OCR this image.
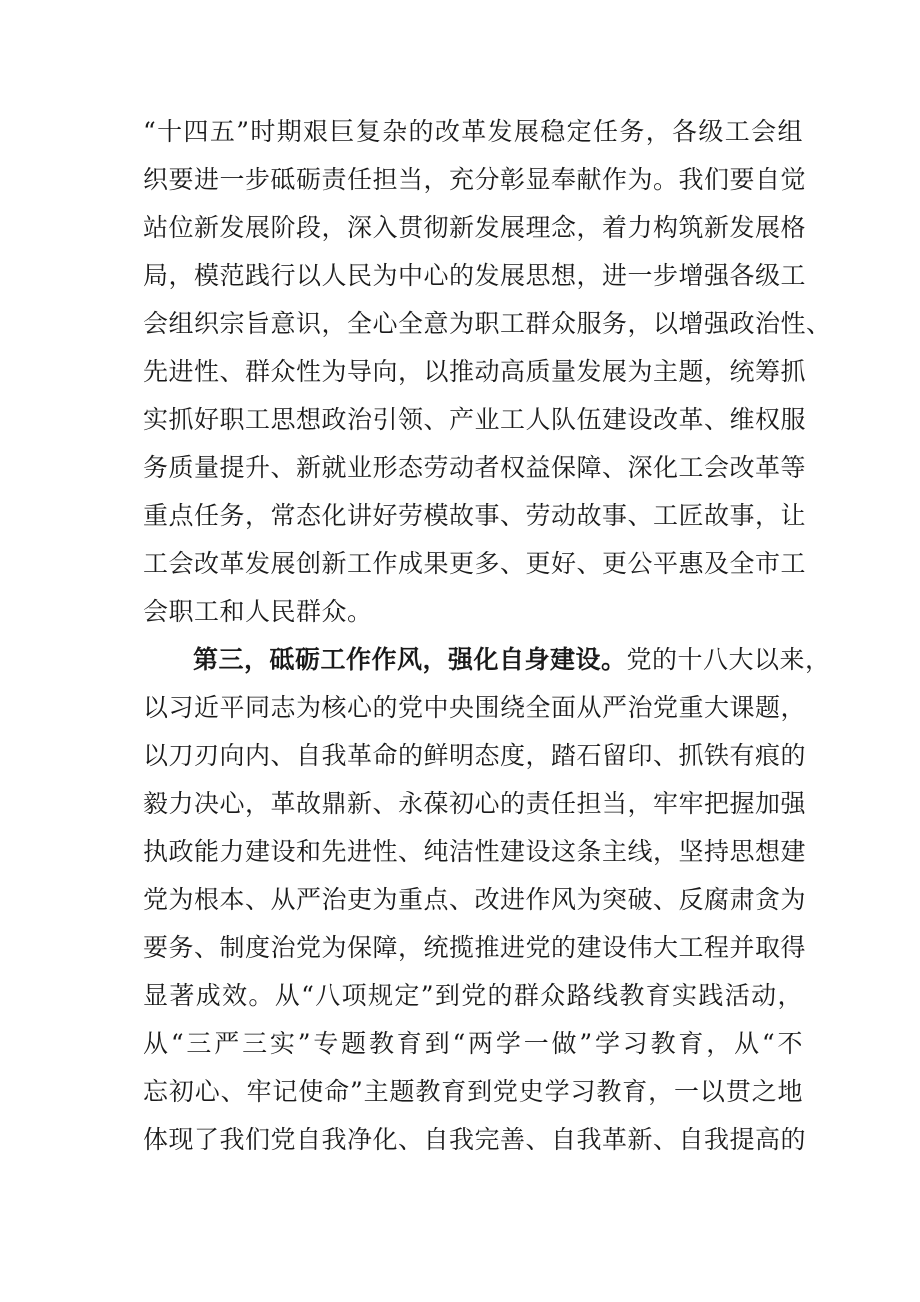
“十四五”时期艰巨复杂的改革发展稳定任务，各级工会组
织要进一步砥砺责任担当，充分彰显奉献作为。我们要自觉
站位新发展阶段，深入贯彻新发展理念，着力构筑新发展格
局，模范践行以人民为中心的发展思想，进一步增强各级工
会组织宗旨意识，全心全意为职工群众服务，以增强政治性、
先进性、群众性为导向，以推动高质量发展为主题，统筹抓
实抓好职工思想政治引领、产业工人队伍建设改革、维权服
务质量提升、新就业形态劳动者权益保障、深化工会改革等
重点任务，常态化讲好劳模故事、劳动故事、工匠故事，让
工会改革发展创新工作成果更多、更好、更公平惠及全市工
会职工和人民群众。
第三，砥砺工作作风，强化自身建设。党的十八大以来，
以习近平同志为核心的党中央围绕全面从严治党重大课题，
以刀刃向内、自我革命的鲜明态度，踏石留印、抓铁有痕的
毅力决心，革故鼎新、永葆初心的责任担当，牢牢把握加强
执政能力建设和先进性、纯洁性建设这条主线，坚持思想建
党为根本、从严治吏为重点、改进作风为突破、反腐肃贪为
要务、制度治党为保障，统揽推进党的建设伟大工程并取得
显著成效。从“八项规定”到党的群众路线教育实践活动，
从“三严三实”专题教育到“两学一做”学习教育，从“不
忘初心、牢记使命”主题教育到党史学习教育，一以贯之地
体现了我们党自我净化、自我完善、自我革新、自我提高的
